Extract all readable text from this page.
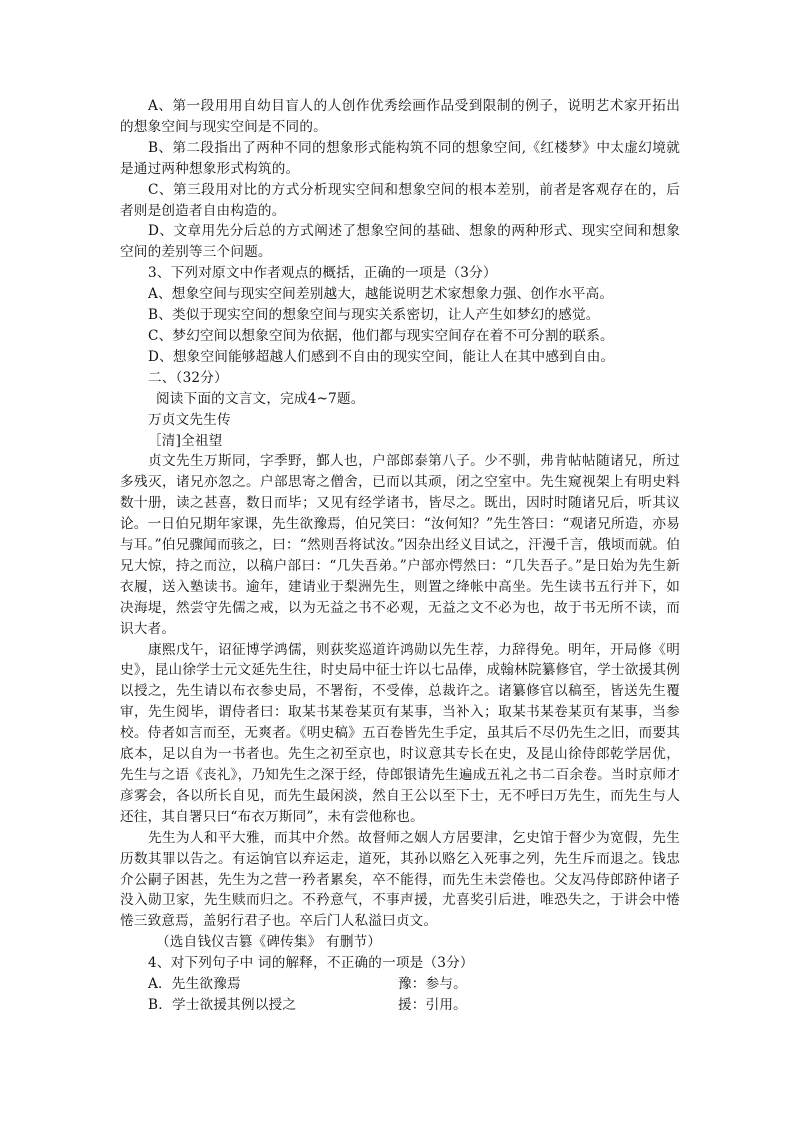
A、第一段用用自幼目盲人的人创作优秀绘画作品受到限制的例子，说明艺术家开拓出的想象空间与现实空间是不同的。

B、第二段指出了两种不同的想象形式能构筑不同的想象空间,《红楼梦》中太虚幻境就是通过两种想象形式构筑的。

C、第三段用对比的方式分析现实空间和想象空间的根本差别，前者是客观存在的，后者则是创造者自由构造的。

D、文章用先分后总的方式阐述了想象空间的基础、想象的两种形式、现实空间和想象空间的差别等三个问题。

3、下列对原文中作者观点的概括，正确的一项是（3分）

A、想象空间与现实空间差别越大，越能说明艺术家想象力强、创作水平高。

B、类似于现实空间的想象空间与现实关系密切，让人产生如梦幻的感觉。

C、梦幻空间以想象空间为依据，他们都与现实空间存在着不可分割的联系。

D、想象空间能够超越人们感到不自由的现实空间，能让人在其中感到自由。

二、（32分）

阅读下面的文言文，完成4~7题。

万贞文先生传

［清]全祖望

贞文先生万斯同，字季野，鄞人也，户部郎泰第八子。少不驯，弗肯帖帖随诸兄，所过多残灭，诸兄亦忽之。户部思寄之僧舍，已而以其顽，闭之空室中。先生窥视架上有明史料数十册，读之甚喜，数日而毕；又见有经学诸书，皆尽之。既出，因时时随诸兄后，听其议论。一日伯兄期年家课，先生欲豫焉，伯兄笑曰：“汝何知？”先生答曰：“观诸兄所造，亦易与耳。”伯兄骤闻而骇之，曰：“然则吾将试汝。”因杂出经义目试之，汗漫千言，俄顷而就。伯兄大惊，持之而泣，以稿户部曰：“几失吾弟。”户部亦愕然曰：“几失吾子。”是日始为先生新衣履，送入塾读书。逾年，建请业于梨洲先生，则置之绛帐中高坐。先生读书五行并下，如决海堤，然尝守先儒之戒，以为无益之书不必观，无益之文不必为也，故于书无所不读，而识大者。

康熙戊午，诏征博学鸿儒，则荻奖巡道许鸿勋以先生荐，力辞得免。明年，开局修《明史》，昆山徐学士元文延先生往，时史局中征士许以七品俸，成翰林院纂修官，学士欲援其例以授之，先生请以布衣参史局，不署衔，不受俸，总裁许之。诸纂修官以稿至，皆送先生覆审，先生阅毕，谓侍者曰：取某书某卷某页有某事，当补入；取某书某卷某页有某事，当参校。侍者如言而至，无爽者。《明史稿》五百卷皆先生手定，虽其后不尽仍先生之旧，而要其底本，足以自为一书者也。先生之初至京也，时议意其专长在史，及昆山徐侍郎乾学居优，先生与之语《丧礼》，乃知先生之深于经，侍郎银请先生遍成五礼之书二百余卷。当时京师才彦雾会，各以所长自见，而先生最闲淡，然自王公以至下士，无不呼曰万先生，而先生与人还往，其自署只曰“布衣万斯同”，未有尝他称也。

先生为人和平大雅，而其中介然。故督师之姻人方居要津，乞史馆于督少为宽假，先生历数其罪以告之。有运饷官以弃运走，道死，其孙以赂乞入死事之列，先生斥而退之。钱忠介公嗣子困甚，先生为之营一矜者累矣，卒不能得，而先生未尝倦也。父友冯侍郎跻仲诸子没入勋卫家，先生赎而归之。不矜意气，不事声援，尤喜奖引后进，唯恐失之，于讲会中惓惓三致意焉，盖躬行君子也。卒后门人私溢曰贞文。

（选自钱仪吉篡《碑传集》 有删节）

4、对下列句子中 词的解释，不正确的一项是（3分）

A．先生欲豫焉	豫：参与。
B．学士欲援其例以授之	援：引用。
